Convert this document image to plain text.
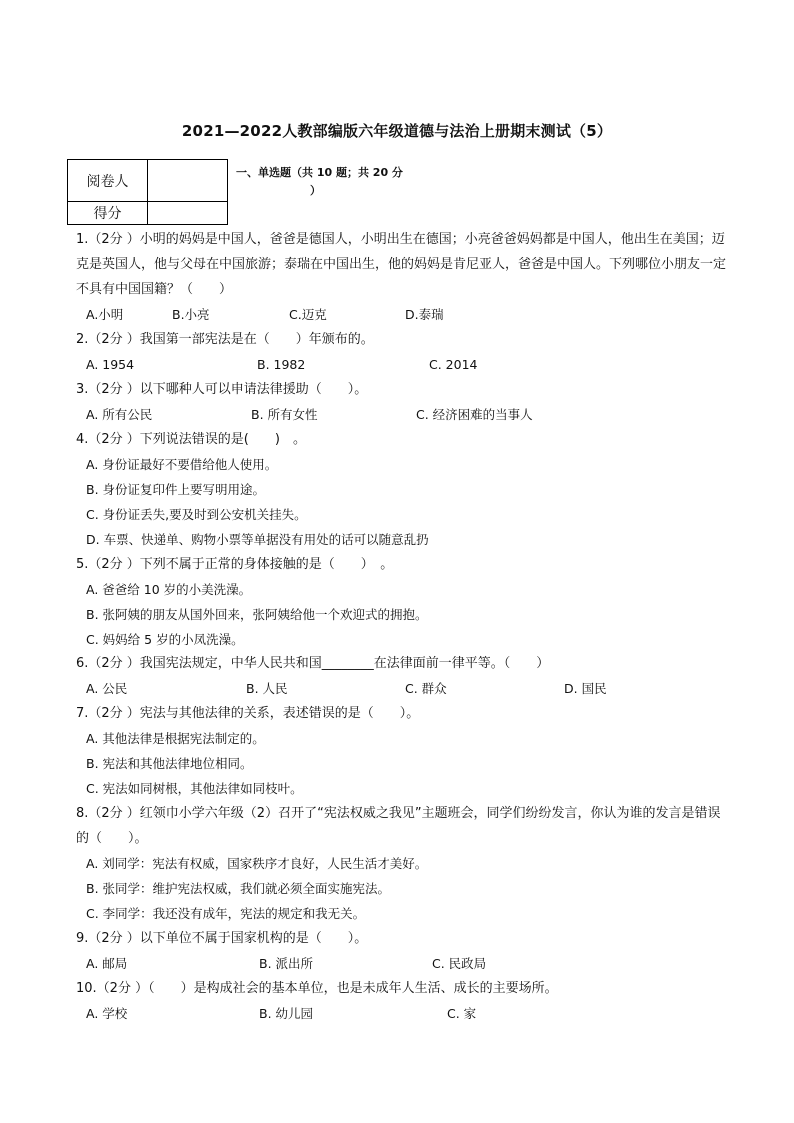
2021—2022人教部编版六年级道德与法治上册期末测试（5）
阅卷人	
得分	
一、单选题（共 10 题；共 20 分
）
1.（2分 ）小明的妈妈是中国人，爸爸是德国人，小明出生在德国；小亮爸爸妈妈都是中国人，他出生在美国；迈克是英国人，他与父母在中国旅游；泰瑞在中国出生，他的妈妈是肯尼亚人，爸爸是中国人。下列哪位小朋友一定不具有中国国籍？（　　）
A.小明	B.小亮	C.迈克	D.泰瑞
2.（2分 ）我国第一部宪法是在（　　）年颁布的。
A. 1954	B. 1982	C. 2014
3.（2分 ）以下哪种人可以申请法律援助（　　）。
A. 所有公民	B. 所有女性	C. 经济困难的当事人
4.（2分 ）下列说法错误的是(　　)　。
A. 身份证最好不要借给他人使用。
B. 身份证复印件上要写明用途。
C. 身份证丢失,要及时到公安机关挂失。
D. 车票、快递单、购物小票等单据没有用处的话可以随意乱扔
5.（2分 ）下列不属于正常的身体接触的是（　　）　。
A. 爸爸给 10 岁的小美洗澡。
B. 张阿姨的朋友从国外回来，张阿姨给他一个欢迎式的拥抱。
C. 妈妈给 5 岁的小凤洗澡。
6.（2分 ）我国宪法规定，中华人民共和国________在法律面前一律平等。（　　）
A. 公民	B. 人民	C. 群众	D. 国民
7.（2分 ）宪法与其他法律的关系，表述错误的是（　　）。
A. 其他法律是根据宪法制定的。
B. 宪法和其他法律地位相同。
C. 宪法如同树根，其他法律如同枝叶。
8.（2分 ）红领巾小学六年级（2）召开了“宪法权威之我见”主题班会，同学们纷纷发言，你认为谁的发言是错误的（　　）。
A. 刘同学：宪法有权威，国家秩序才良好，人民生活才美好。
B. 张同学：维护宪法权威，我们就必须全面实施宪法。
C. 李同学：我还没有成年，宪法的规定和我无关。
9.（2分 ）以下单位不属于国家机构的是（　　）。
A. 邮局	B. 派出所	C. 民政局
10.（2分 ）（　　）是构成社会的基本单位，也是未成年人生活、成长的主要场所。
A. 学校	B. 幼儿园	C. 家
